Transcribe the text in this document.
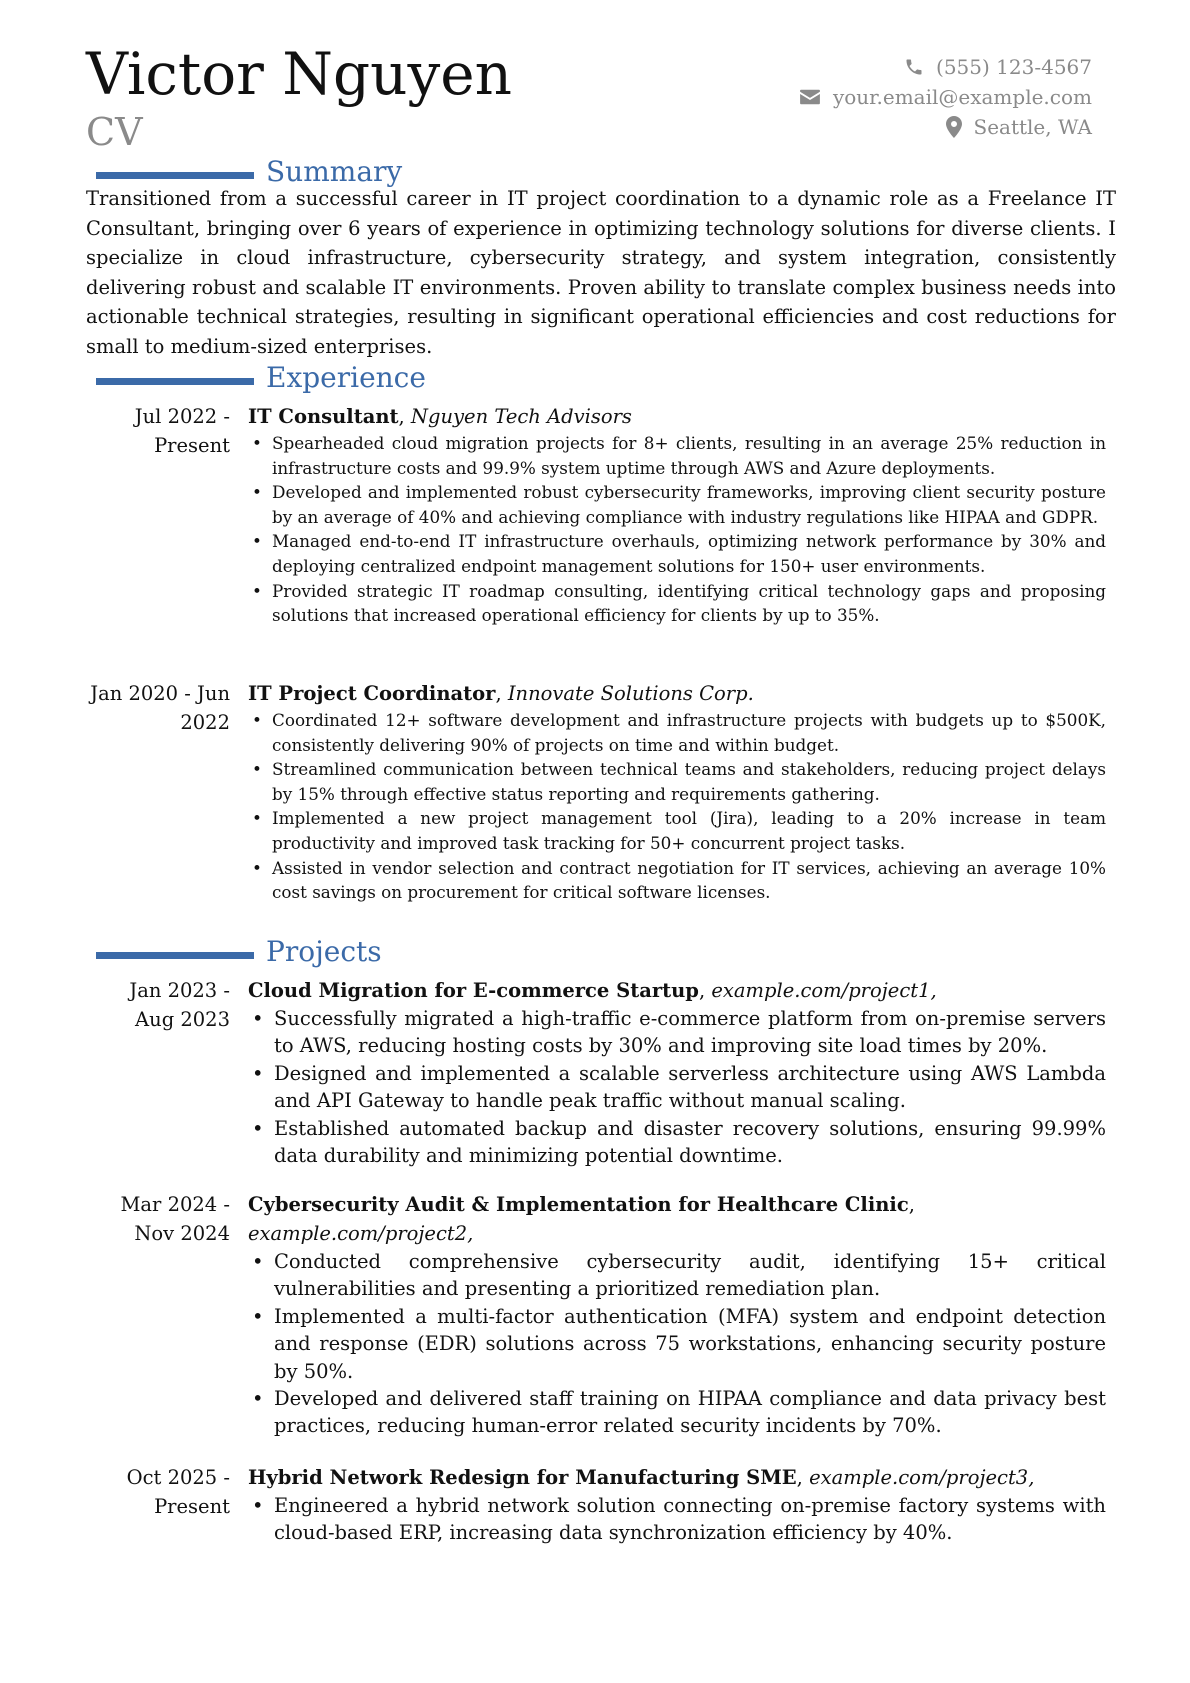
Victor Nguyen
CV
(555) 123-4567
your.email@example.com
Seattle, WA
Summary
Transitioned from a successful career in IT project coordination to a dynamic role as a Freelance IT Consultant, bringing over 6 years of experience in optimizing technology solutions for diverse clients. I specialize in cloud infrastructure, cybersecurity strategy, and system integration, consistently delivering robust and scalable IT environments. Proven ability to translate complex business needs into actionable technical strategies, resulting in significant operational efficiencies and cost reductions for small to medium-sized enterprises.
Experience
Jul 2022 - Present
IT Consultant, Nguyen Tech Advisors
• Spearheaded cloud migration projects for 8+ clients, resulting in an average 25% reduction in infrastructure costs and 99.9% system uptime through AWS and Azure deployments.
• Developed and implemented robust cybersecurity frameworks, improving client security posture by an average of 40% and achieving compliance with industry regulations like HIPAA and GDPR.
• Managed end-to-end IT infrastructure overhauls, optimizing network performance by 30% and deploying centralized endpoint management solutions for 150+ user environments.
• Provided strategic IT roadmap consulting, identifying critical technology gaps and proposing solutions that increased operational efficiency for clients by up to 35%.
Jan 2020 - Jun 2022
IT Project Coordinator, Innovate Solutions Corp.
• Coordinated 12+ software development and infrastructure projects with budgets up to $500K, consistently delivering 90% of projects on time and within budget.
• Streamlined communication between technical teams and stakeholders, reducing project delays by 15% through effective status reporting and requirements gathering.
• Implemented a new project management tool (Jira), leading to a 20% increase in team productivity and improved task tracking for 50+ concurrent project tasks.
• Assisted in vendor selection and contract negotiation for IT services, achieving an average 10% cost savings on procurement for critical software licenses.
Projects
Jan 2023 - Aug 2023
Cloud Migration for E-commerce Startup, example.com/project1,
• Successfully migrated a high-traffic e-commerce platform from on-premise servers to AWS, reducing hosting costs by 30% and improving site load times by 20%.
• Designed and implemented a scalable serverless architecture using AWS Lambda and API Gateway to handle peak traffic without manual scaling.
• Established automated backup and disaster recovery solutions, ensuring 99.99% data durability and minimizing potential downtime.
Mar 2024 - Nov 2024
Cybersecurity Audit & Implementation for Healthcare Clinic, example.com/project2,
• Conducted comprehensive cybersecurity audit, identifying 15+ critical vulnerabilities and presenting a prioritized remediation plan.
• Implemented a multi-factor authentication (MFA) system and endpoint detection and response (EDR) solutions across 75 workstations, enhancing security posture by 50%.
• Developed and delivered staff training on HIPAA compliance and data privacy best practices, reducing human-error related security incidents by 70%.
Oct 2025 - Present
Hybrid Network Redesign for Manufacturing SME, example.com/project3,
• Engineered a hybrid network solution connecting on-premise factory systems with cloud-based ERP, increasing data synchronization efficiency by 40%.
